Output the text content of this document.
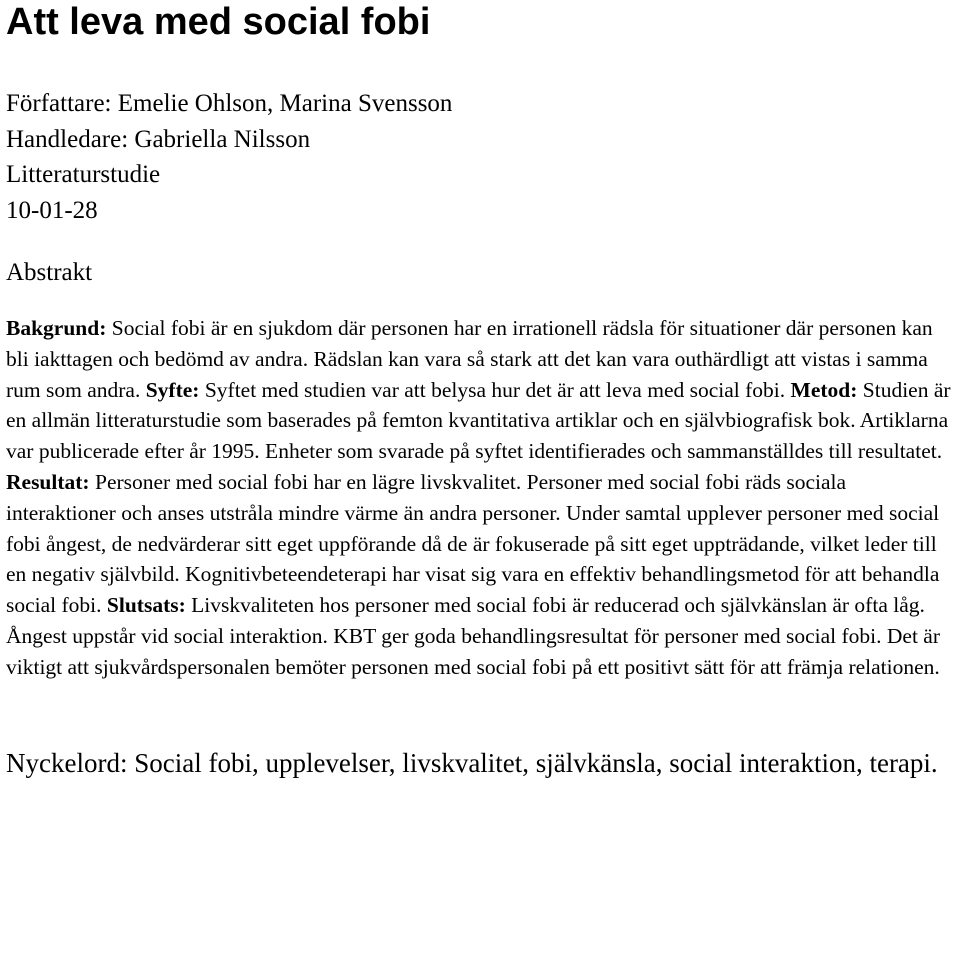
Att leva med social fobi
Författare: Emelie Ohlson, Marina Svensson
Handledare: Gabriella Nilsson
Litteraturstudie
10-01-28
Abstrakt

Bakgrund: Social fobi är en sjukdom där personen har en irrationell rädsla för situationer där personen kan bli iakttagen och bedömd av andra. Rädslan kan vara så stark att det kan vara outhärdligt att vistas i samma rum som andra. Syfte: Syftet med studien var att belysa hur det är att leva med social fobi. Metod: Studien är en allmän litteraturstudie som baserades på femton kvantitativa artiklar och en självbiografisk bok. Artiklarna var publicerade efter år 1995. Enheter som svarade på syftet identifierades och sammanställdes till resultatet. Resultat: Personer med social fobi har en lägre livskvalitet. Personer med social fobi räds sociala interaktioner och anses utstråla mindre värme än andra personer. Under samtal upplever personer med social fobi ångest, de nedvärderar sitt eget uppförande då de är fokuserade på sitt eget uppträdande, vilket leder till en negativ självbild. Kognitivbeteendeterapi har visat sig vara en effektiv behandlingsmetod för att behandla social fobi. Slutsats: Livskvaliteten hos personer med social fobi är reducerad och självkänslan är ofta låg. Ångest uppstår vid social interaktion. KBT ger goda behandlingsresultat för personer med social fobi. Det är viktigt att sjukvårdspersonalen bemöter personen med social fobi på ett positivt sätt för att främja relationen.

Nyckelord: Social fobi, upplevelser, livskvalitet, självkänsla, social interaktion, terapi.
